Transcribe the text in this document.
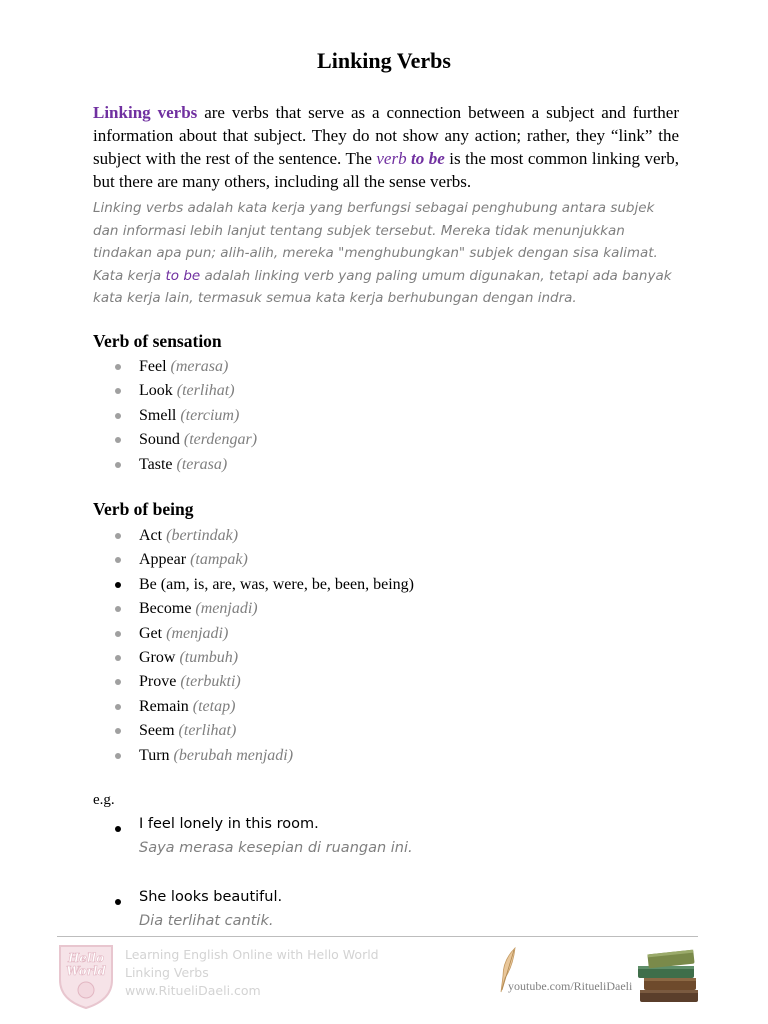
Linking Verbs

Linking verbs are verbs that serve as a connection between a subject and further information about that subject. They do not show any action; rather, they “link” the subject with the rest of the sentence. The verb to be is the most common linking verb, but there are many others, including all the sense verbs.

Linking verbs adalah kata kerja yang berfungsi sebagai penghubung antara subjek dan informasi lebih lanjut tentang subjek tersebut. Mereka tidak menunjukkan tindakan apa pun; alih-alih, mereka "menghubungkan" subjek dengan sisa kalimat. Kata kerja to be adalah linking verb yang paling umum digunakan, tetapi ada banyak kata kerja lain, termasuk semua kata kerja berhubungan dengan indra.

Verb of sensation
Feel (merasa)
Look (terlihat)
Smell (tercium)
Sound (terdengar)
Taste (terasa)
Verb of being
Act (bertindak)
Appear (tampak)
Be (am, is, are, was, were, be, been, being)
Become (menjadi)
Get (menjadi)
Grow (tumbuh)
Prove (terbukti)
Remain (tetap)
Seem (terlihat)
Turn (berubah menjadi)
e.g.
I feel lonely in this room.
Saya merasa kesepian di ruangan ini.
She looks beautiful.
Dia terlihat cantik.
Hello
World
Learning English Online with Hello World
Linking Verbs
www.RitueliDaeli.com	youtube.com/RitueliDaeli
